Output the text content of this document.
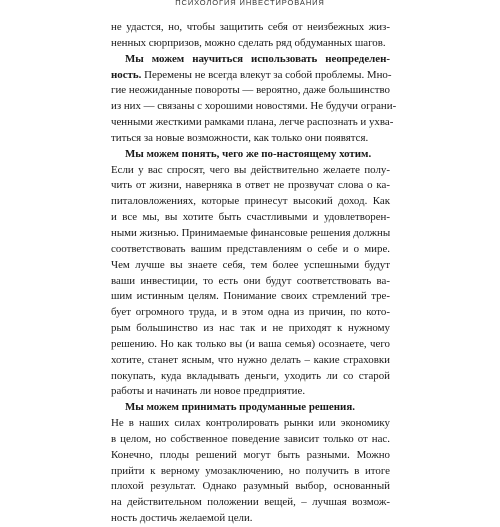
ПСИХОЛОГИЯ ИНВЕСТИРОВАНИЯ
не удастся, но, чтобы защитить себя от неизбежных жиз-
ненных сюрпризов, можно сделать ряд обдуманных шагов.
Мы можем научиться использовать неопределен-
ность. Перемены не всегда влекут за собой проблемы. Мно-
гие неожиданные повороты — вероятно, даже большинство
из них — связаны с хорошими новостями. Не будучи ограни-
ченными жесткими рамками плана, легче распознать и ухва-
титься за новые возможности, как только они появятся.
Мы можем понять, чего же по-настоящему хотим.
Если у вас спросят, чего вы действительно желаете полу-
чить от жизни, наверняка в ответ не прозвучат слова о ка-
питаловложениях, которые принесут высокий доход. Как
и все мы, вы хотите быть счастливыми и удовлетворен-
ными жизнью. Принимаемые финансовые решения должны
соответствовать вашим представлениям о себе и о мире.
Чем лучше вы знаете себя, тем более успешными будут
ваши инвестиции, то есть они будут соответствовать ва-
шим истинным целям. Понимание своих стремлений тре-
бует огромного труда, и в этом одна из причин, по кото-
рым большинство из нас так и не приходят к нужному
решению. Но как только вы (и ваша семья) осознаете, чего
хотите, станет ясным, что нужно делать – какие страховки
покупать, куда вкладывать деньги, уходить ли со старой
работы и начинать ли новое предприятие.
Мы можем принимать продуманные решения.
Не в наших силах контролировать рынки или экономику
в целом, но собственное поведение зависит только от нас.
Конечно, плоды решений могут быть разными. Можно
прийти к верному умозаключению, но получить в итоге
плохой результат. Однако разумный выбор, основанный
на действительном положении вещей, – лучшая возмож-
ность достичь желаемой цели.
